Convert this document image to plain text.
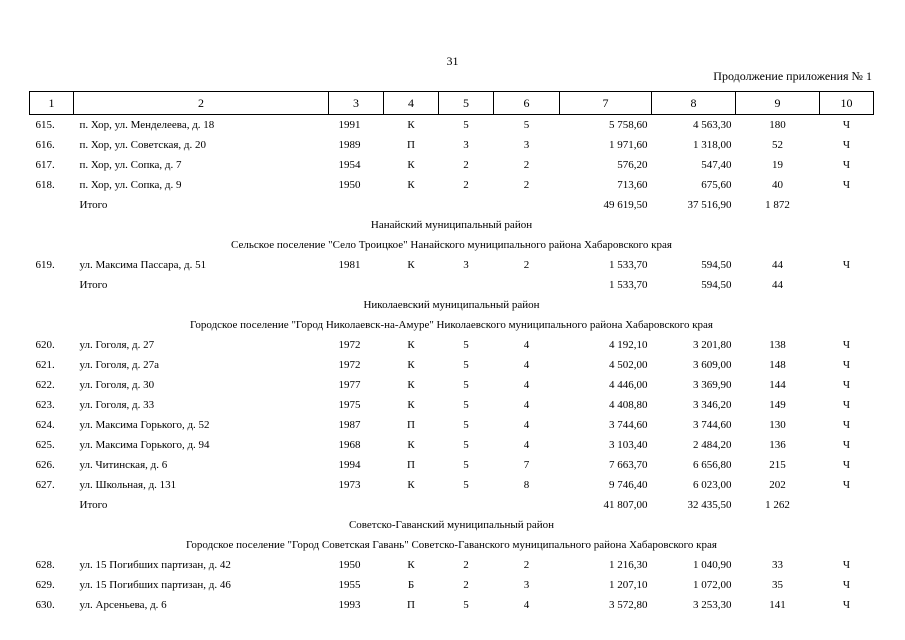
31
Продолжение приложения № 1
1	2	3	4	5	6	7	8	9	10
615.	п. Хор, ул. Менделеева, д. 18	1991	К	5	5	5 758,60	4 563,30	180	Ч
616.	п. Хор, ул. Советская, д. 20	1989	П	3	3	1 971,60	1 318,00	52	Ч
617.	п. Хор, ул. Сопка, д. 7	1954	К	2	2	576,20	547,40	19	Ч
618.	п. Хор, ул. Сопка, д. 9	1950	К	2	2	713,60	675,60	40	Ч
	Итого					49 619,50	37 516,90	1 872	
Нанайский муниципальный район									
Сельское поселение "Село Троицкое" Нанайского муниципального района Хабаровского края									
619.	ул. Максима Пассара, д. 51	1981	К	3	2	1 533,70	594,50	44	Ч
	Итого					1 533,70	594,50	44	
Николаевский муниципальный район									
Городское поселение "Город Николаевск-на-Амуре" Николаевского муниципального района Хабаровского края									
620.	ул. Гоголя, д. 27	1972	К	5	4	4 192,10	3 201,80	138	Ч
621.	ул. Гоголя, д. 27а	1972	К	5	4	4 502,00	3 609,00	148	Ч
622.	ул. Гоголя, д. 30	1977	К	5	4	4 446,00	3 369,90	144	Ч
623.	ул. Гоголя, д. 33	1975	К	5	4	4 408,80	3 346,20	149	Ч
624.	ул. Максима Горького, д. 52	1987	П	5	4	3 744,60	3 744,60	130	Ч
625.	ул. Максима Горького, д. 94	1968	К	5	4	3 103,40	2 484,20	136	Ч
626.	ул. Читинская, д. 6	1994	П	5	7	7 663,70	6 656,80	215	Ч
627.	ул. Школьная, д. 131	1973	К	5	8	9 746,40	6 023,00	202	Ч
	Итого					41 807,00	32 435,50	1 262	
Советско-Гаванский муниципальный район									
Городское поселение "Город Советская Гавань" Советско-Гаванского муниципального района Хабаровского края									
628.	ул. 15 Погибших партизан, д. 42	1950	К	2	2	1 216,30	1 040,90	33	Ч
629.	ул. 15 Погибших партизан, д. 46	1955	Б	2	3	1 207,10	1 072,00	35	Ч
630.	ул. Арсеньева, д. 6	1993	П	5	4	3 572,80	3 253,30	141	Ч
